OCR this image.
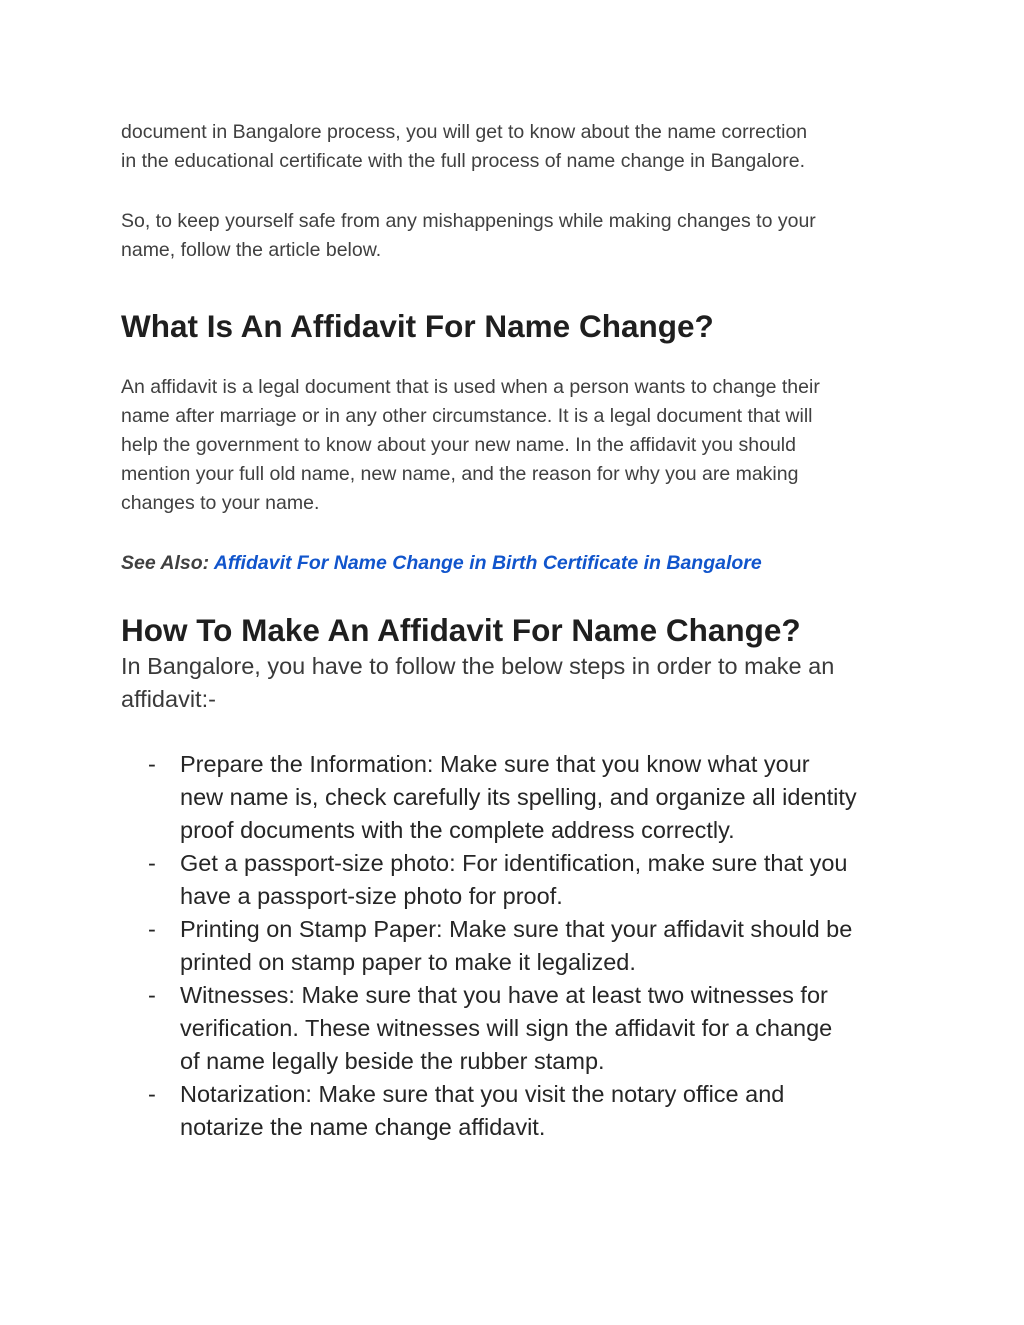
document in Bangalore process, you will get to know about the name correction
in the educational certificate with the full process of name change in Bangalore.

So, to keep yourself safe from any mishappenings while making changes to your
name, follow the article below.

What Is An Affidavit For Name Change?

An affidavit is a legal document that is used when a person wants to change their
name after marriage or in any other circumstance. It is a legal document that will
help the government to know about your new name. In the affidavit you should
mention your full old name, new name, and the reason for why you are making
changes to your name.

See Also: Affidavit For Name Change in Birth Certificate in Bangalore

How To Make An Affidavit For Name Change?

In Bangalore, you have to follow the below steps in order to make an
affidavit:-

- Prepare the Information: Make sure that you know what your
new name is, check carefully its spelling, and organize all identity
proof documents with the complete address correctly.
- Get a passport-size photo: For identification, make sure that you
have a passport-size photo for proof.
- Printing on Stamp Paper: Make sure that your affidavit should be
printed on stamp paper to make it legalized.
- Witnesses: Make sure that you have at least two witnesses for
verification. These witnesses will sign the affidavit for a change
of name legally beside the rubber stamp.
- Notarization: Make sure that you visit the notary office and
notarize the name change affidavit.
